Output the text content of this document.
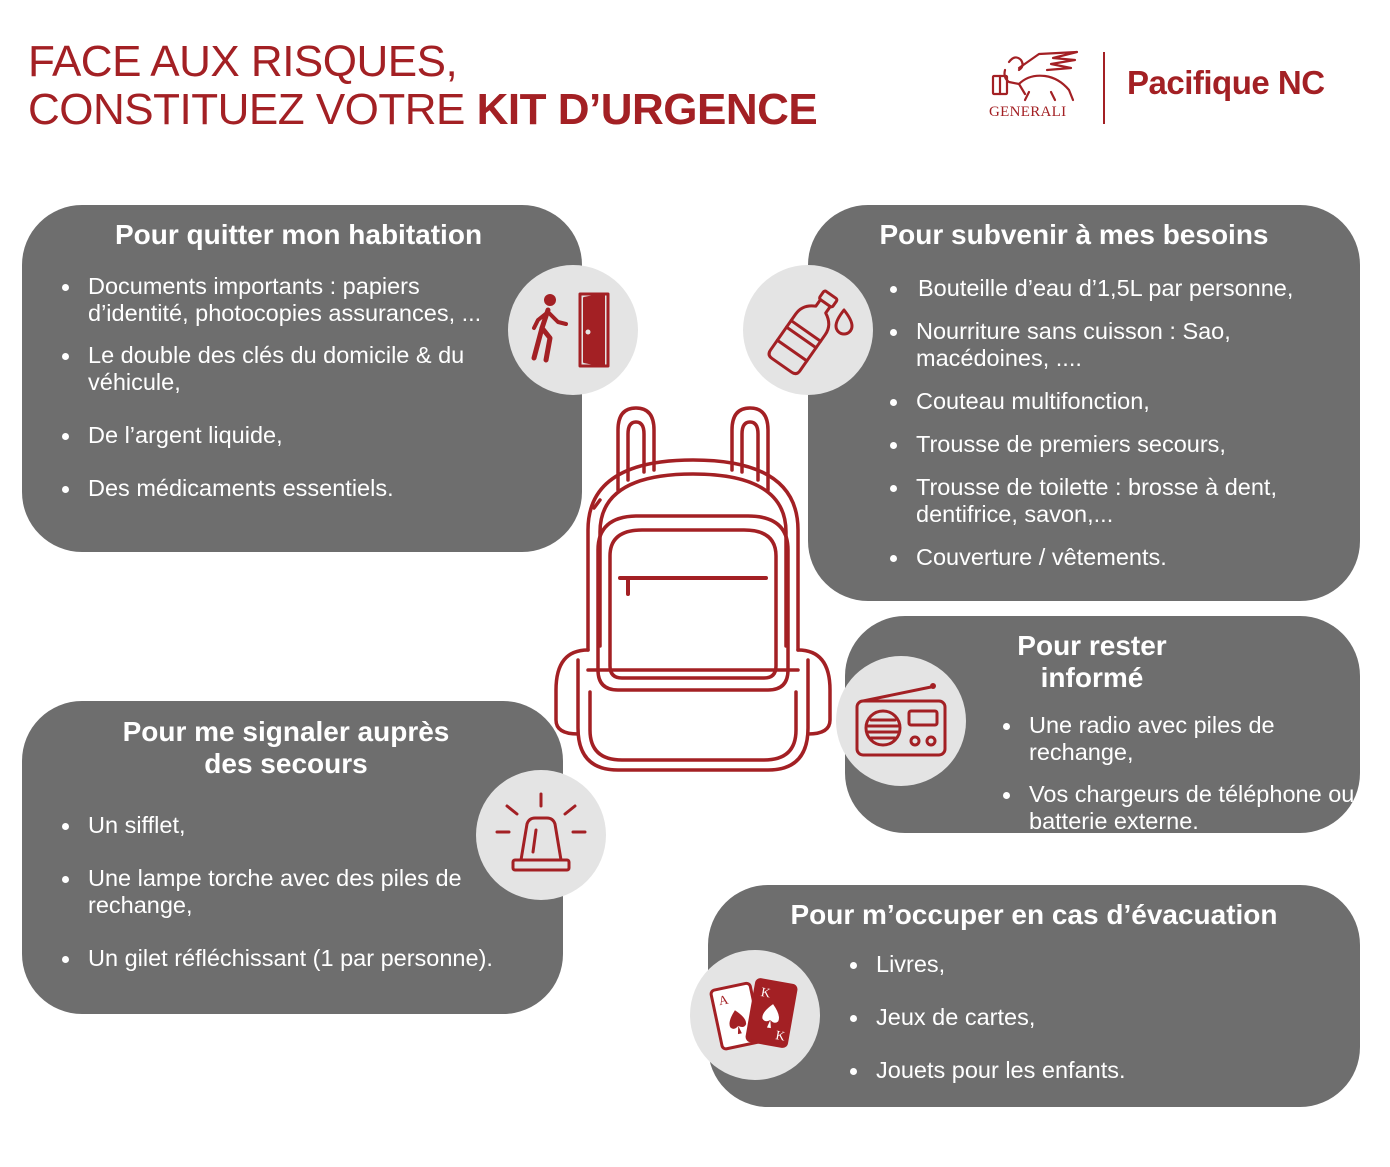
FACE AUX RISQUES,
CONSTITUEZ VOTRE KIT D’URGENCE	GENERALI
Pacifique NC
Pour quitter mon habitation
Documents importants : papiers d’identité, photocopies assurances, ...
Le double des clés du domicile & du véhicule,
De l’argent liquide,
Des médicaments essentiels.
Pour subvenir à mes besoins
Bouteille d’eau d’1,5L par personne,
Nourriture sans cuisson : Sao, macédoines, ....
Couteau multifonction,
Trousse de premiers secours,
Trousse de toilette : brosse à dent, dentifrice, savon,...
Couverture / vêtements.
Pour rester informé
Une radio avec piles de rechange,
Vos chargeurs de téléphone ou batterie externe.
Pour me signaler auprès
des secours
Un sifflet,
Une lampe torche avec des piles de rechange,
Un gilet réfléchissant (1 par personne).
Pour m’occuper en cas d’évacuation
Livres,
Jeux de cartes,
Jouets pour les enfants.
A K
K
